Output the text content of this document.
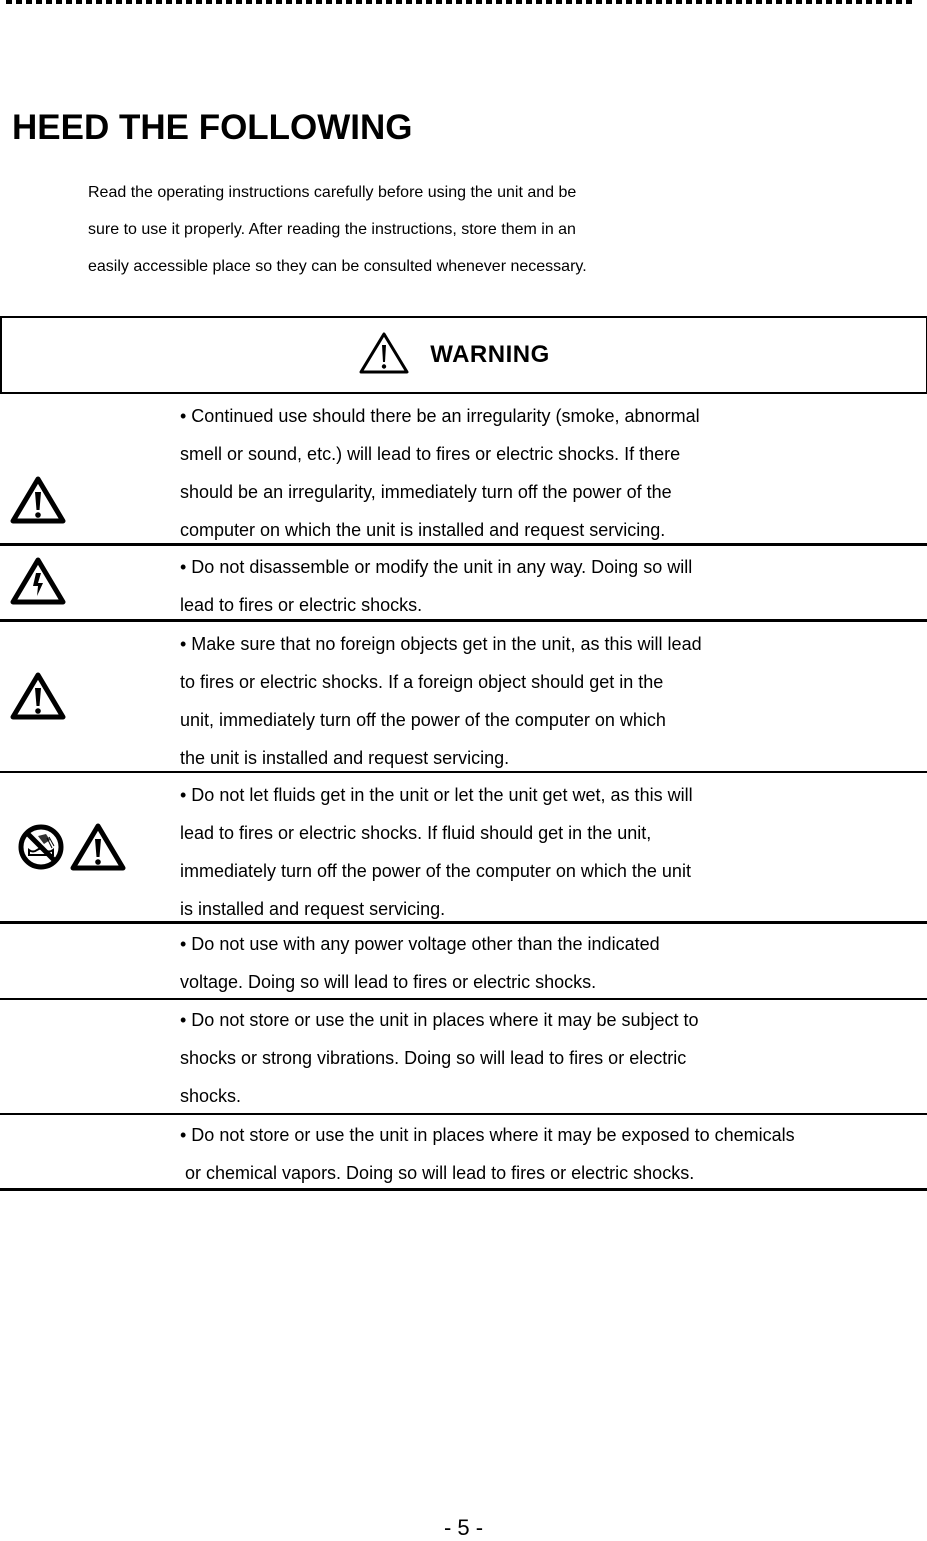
HEED THE FOLLOWING
Read the operating instructions carefully before using the unit and be
sure to use it properly. After reading the instructions, store them in an
easily accessible place so they can be consulted whenever necessary.
WARNING
• Continued use should there be an irregularity (smoke, abnormal
smell or sound, etc.) will lead to fires or electric shocks. If there
should be an irregularity, immediately turn off the power of the
computer on which the unit is installed and request servicing.
• Do not disassemble or modify the unit in any way. Doing so will
lead to fires or electric shocks.
• Make sure that no foreign objects get in the unit, as this will lead
to fires or electric shocks. If a foreign object should get in the
unit, immediately turn off the power of the computer on which
the unit is installed and request servicing.
• Do not let fluids get in the unit or let the unit get wet, as this will
lead to fires or electric shocks. If fluid should get in the unit,
immediately turn off the power of the computer on which the unit
is installed and request servicing.
• Do not use with any power voltage other than the indicated
voltage. Doing so will lead to fires or electric shocks.
• Do not store or use the unit in places where it may be subject to
shocks or strong vibrations. Doing so will lead to fires or electric
shocks.
• Do not store or use the unit in places where it may be exposed to chemicals
or chemical vapors. Doing so will lead to fires or electric shocks.
- 5 -
